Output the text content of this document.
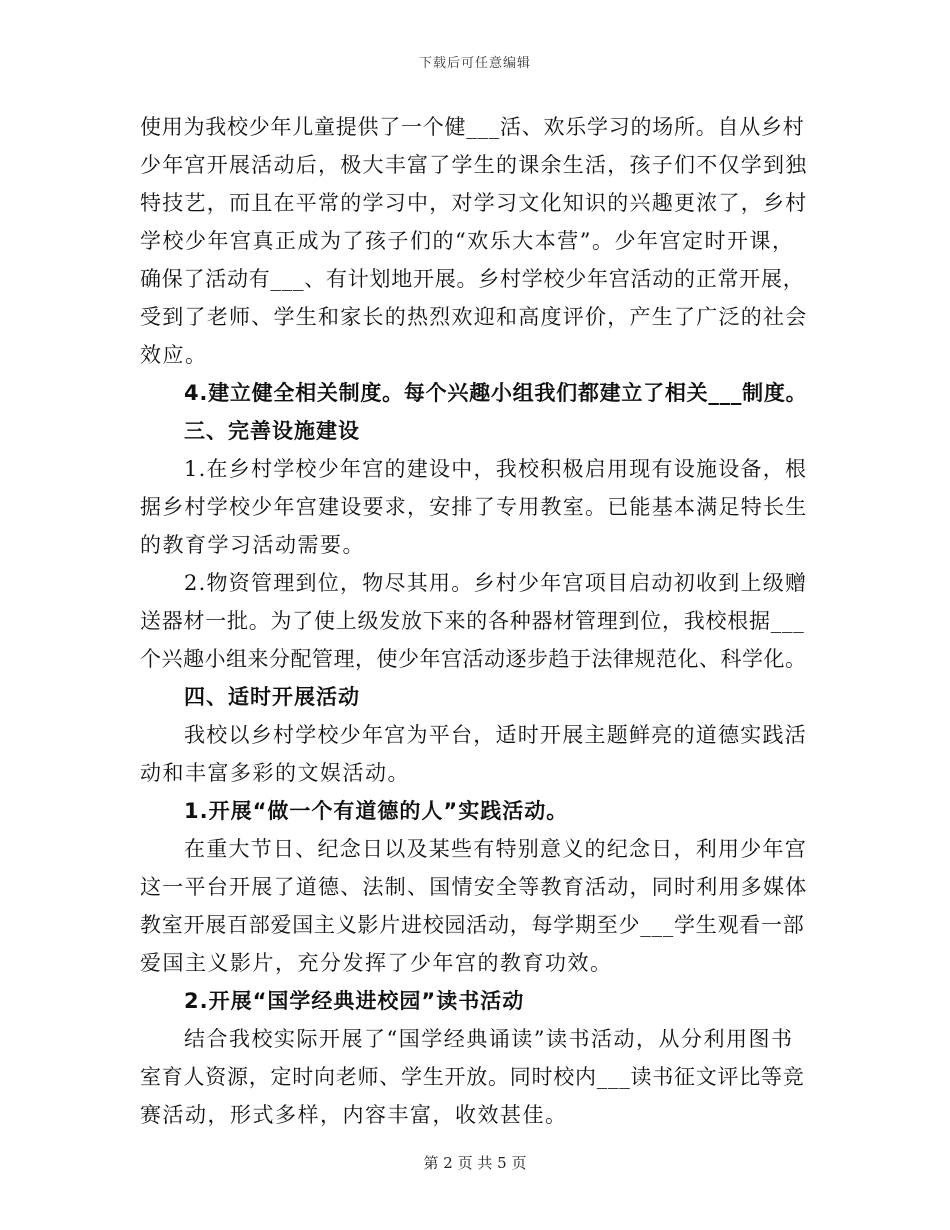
下载后可任意编辑
使用为我校少年儿童提供了一个健___活、欢乐学习的场所。自从乡村
少年宫开展活动后，极大丰富了学生的课余生活，孩子们不仅学到独
特技艺，而且在平常的学习中，对学习文化知识的兴趣更浓了，乡村
学校少年宫真正成为了孩子们的“欢乐大本营”。少年宫定时开课，
确保了活动有___、有计划地开展。乡村学校少年宫活动的正常开展，
受到了老师、学生和家长的热烈欢迎和高度评价，产生了广泛的社会
效应。
4.建立健全相关制度。每个兴趣小组我们都建立了相关___制度。
三、完善设施建设
1.在乡村学校少年宫的建设中，我校积极启用现有设施设备，根
据乡村学校少年宫建设要求，安排了专用教室。已能基本满足特长生
的教育学习活动需要。
2.物资管理到位，物尽其用。乡村少年宫项目启动初收到上级赠
送器材一批。为了使上级发放下来的各种器材管理到位，我校根据___
个兴趣小组来分配管理，使少年宫活动逐步趋于法律规范化、科学化。
四、适时开展活动
我校以乡村学校少年宫为平台，适时开展主题鲜亮的道德实践活
动和丰富多彩的文娱活动。
1.开展“做一个有道德的人”实践活动。
在重大节日、纪念日以及某些有特别意义的纪念日，利用少年宫
这一平台开展了道德、法制、国情安全等教育活动，同时利用多媒体
教室开展百部爱国主义影片进校园活动，每学期至少___学生观看一部
爱国主义影片，充分发挥了少年宫的教育功效。
2.开展“国学经典进校园”读书活动
结合我校实际开展了“国学经典诵读”读书活动，从分利用图书
室育人资源，定时向老师、学生开放。同时校内___读书征文评比等竞
赛活动，形式多样，内容丰富，收效甚佳。
第 2 页 共 5 页
